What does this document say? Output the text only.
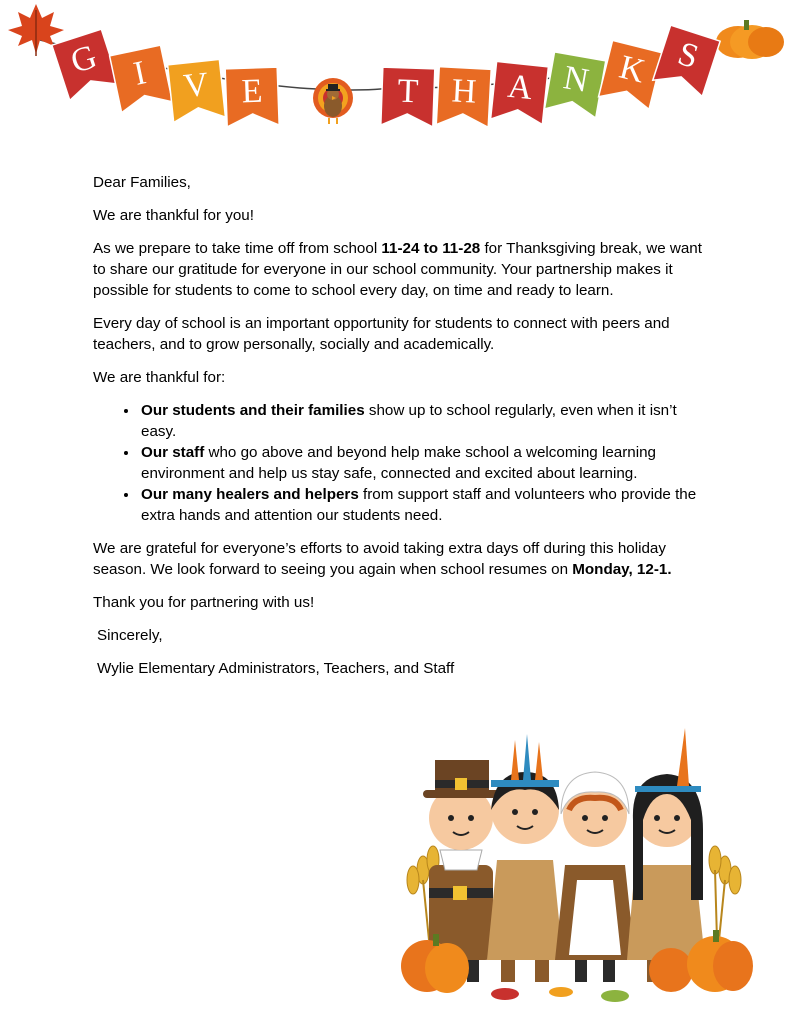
G I V E	T H A N K S

Dear Families,

We are thankful for you!

As we prepare to take time off from school 11-24 to 11-28 for Thanksgiving break, we want to share our gratitude for everyone in our school community. Your partnership makes it possible for students to come to school every day, on time and ready to learn.

Every day of school is an important opportunity for students to connect with peers and teachers, and to grow personally, socially and academically.

We are thankful for:

• Our students and their families show up to school regularly, even when it isn’t easy.
• Our staff who go above and beyond help make school a welcoming learning environment and help us stay safe, connected and excited about learning.
• Our many healers and helpers from support staff and volunteers who provide the extra hands and attention our students need.

We are grateful for everyone’s efforts to avoid taking extra days off during this holiday season. We look forward to seeing you again when school resumes on Monday, 12-1.

Thank you for partnering with us!

Sincerely,

Wylie Elementary Administrators, Teachers, and Staff
